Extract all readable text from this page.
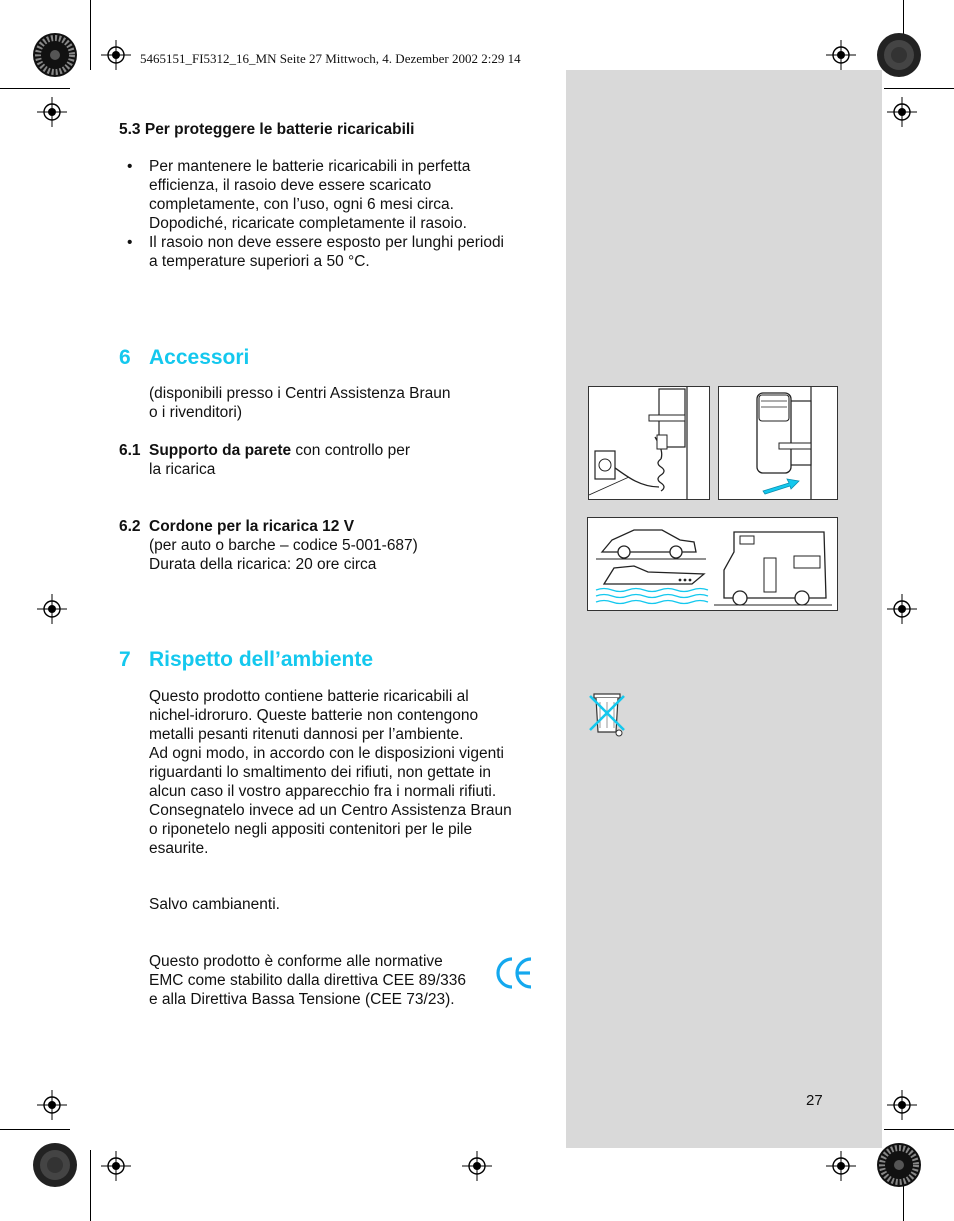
5465151_FI5312_16_MN Seite 27 Mittwoch, 4. Dezember 2002 2:29 14
5.3 Per proteggere le batterie ricaricabili
• Per mantenere le batterie ricaricabili in perfetta
efficienza, il rasoio deve essere scaricato
completamente, con l’uso, ogni 6 mesi circa.
Dopodiché, ricaricate completamente il rasoio.
• Il rasoio non deve essere esposto per lunghi periodi
a temperature superiori a 50 °C.
6 Accessori
(disponibili presso i Centri Assistenza Braun
o i rivenditori)
6.1 Supporto da parete con controllo per
la ricarica
6.2 Cordone per la ricarica 12 V
(per auto o barche – codice 5-001-687)
Durata della ricarica: 20 ore circa
7 Rispetto dell’ambiente
Questo prodotto contiene batterie ricaricabili al
nichel-idroruro. Queste batterie non contengono
metalli pesanti ritenuti dannosi per l’ambiente.
Ad ogni modo, in accordo con le disposizioni vigenti
riguardanti lo smaltimento dei rifiuti, non gettate in
alcun caso il vostro apparecchio fra i normali rifiuti.
Consegnatelo invece ad un Centro Assistenza Braun
o riponetelo negli appositi contenitori per le pile
esaurite.
Salvo cambianenti.
Questo prodotto è conforme alle normative
EMC come stabilito dalla direttiva CEE 89/336
e alla Direttiva Bassa Tensione (CEE 73/23).
27
